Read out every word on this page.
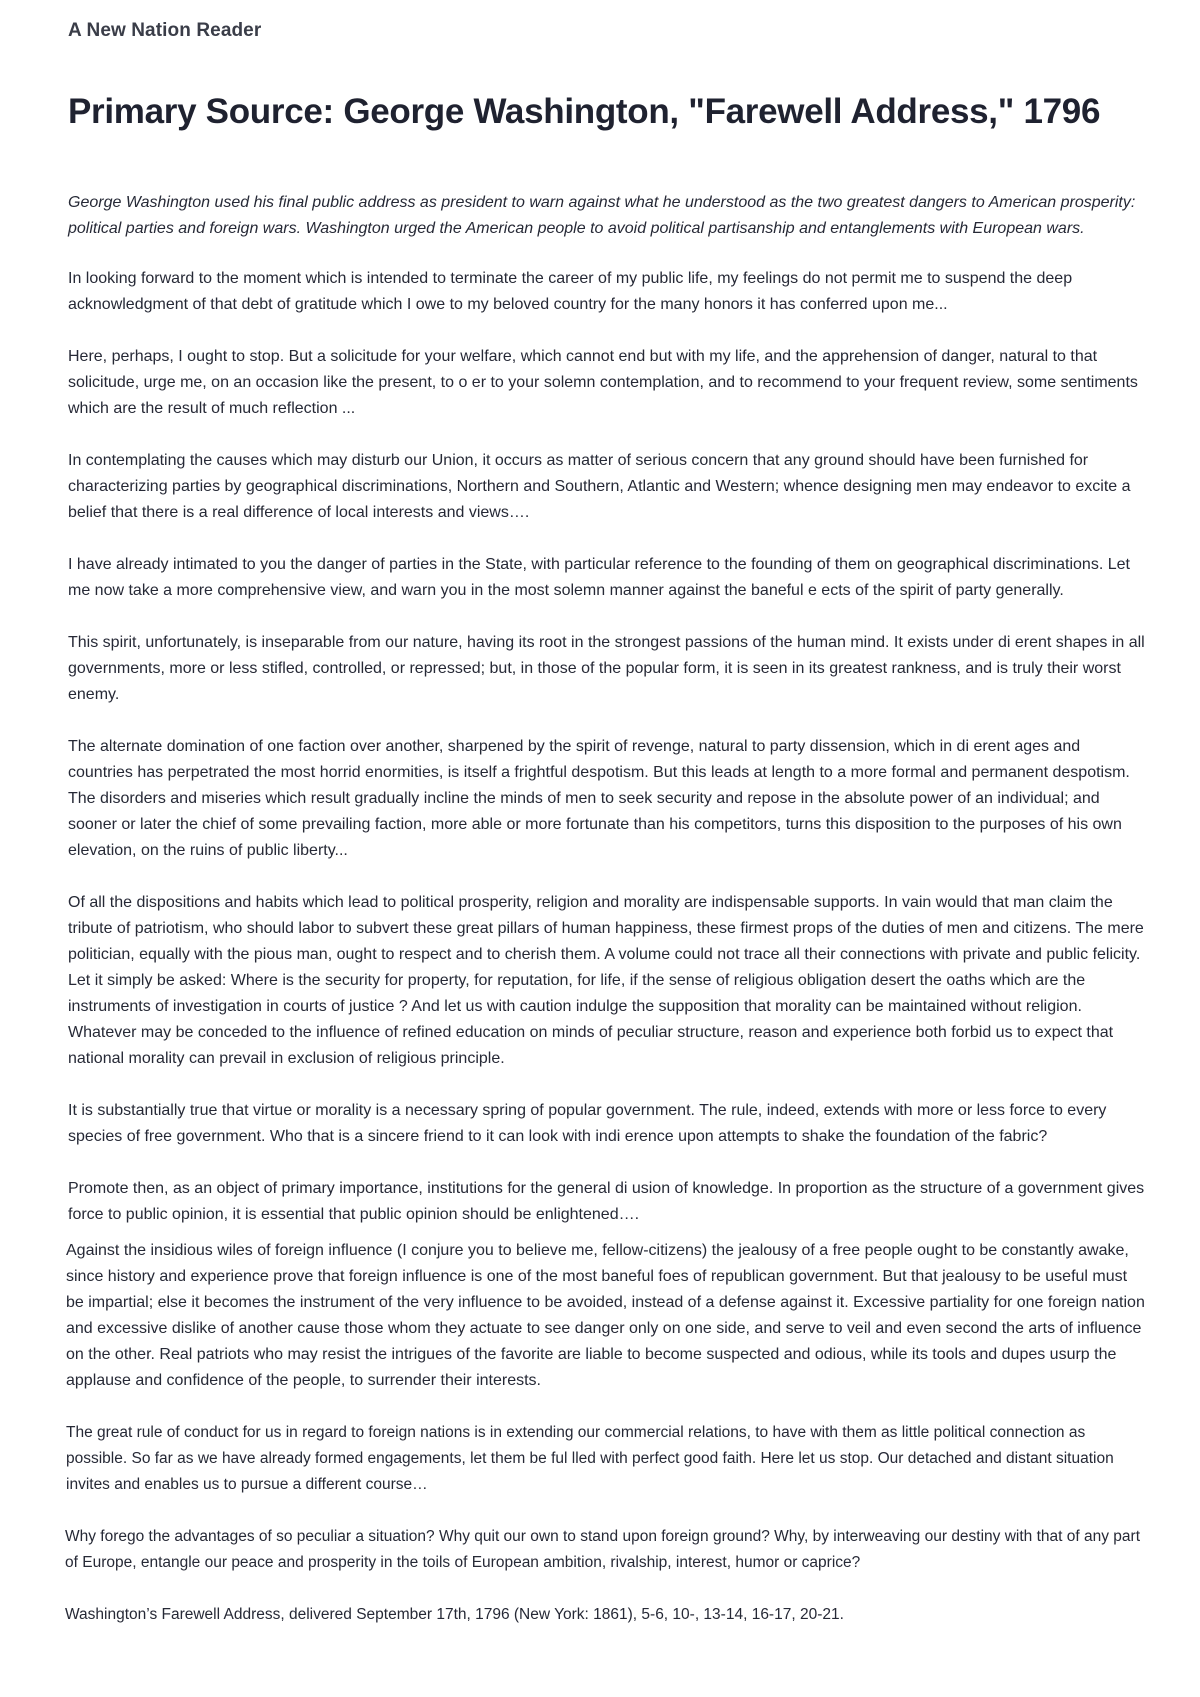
A New Nation Reader
Primary Source: George Washington, "Farewell Address," 1796

George Washington used his final public address as president to warn against what he understood as the two greatest dangers to American prosperity: political parties and foreign wars. Washington urged the American people to avoid political partisanship and entanglements with European wars.

In looking forward to the moment which is intended to terminate the career of my public life, my feelings do not permit me to suspend the deep acknowledgment of that debt of gratitude which I owe to my beloved country for the many honors it has conferred upon me...

Here, perhaps, I ought to stop. But a solicitude for your welfare, which cannot end but with my life, and the apprehension of danger, natural to that solicitude, urge me, on an occasion like the present, to o er to your solemn contemplation, and to recommend to your frequent review, some sentiments which are the result of much reflection ...

In contemplating the causes which may disturb our Union, it occurs as matter of serious concern that any ground should have been furnished for characterizing parties by geographical discriminations, Northern and Southern, Atlantic and Western; whence designing men may endeavor to excite a belief that there is a real difference of local interests and views….

I have already intimated to you the danger of parties in the State, with particular reference to the founding of them on geographical discriminations. Let me now take a more comprehensive view, and warn you in the most solemn manner against the baneful e ects of the spirit of party generally.

This spirit, unfortunately, is inseparable from our nature, having its root in the strongest passions of the human mind. It exists under di erent shapes in all governments, more or less stifled, controlled, or repressed; but, in those of the popular form, it is seen in its greatest rankness, and is truly their worst enemy.

The alternate domination of one faction over another, sharpened by the spirit of revenge, natural to party dissension, which in di erent ages and countries has perpetrated the most horrid enormities, is itself a frightful despotism. But this leads at length to a more formal and permanent despotism. The disorders and miseries which result gradually incline the minds of men to seek security and repose in the absolute power of an individual; and sooner or later the chief of some prevailing faction, more able or more fortunate than his competitors, turns this disposition to the purposes of his own elevation, on the ruins of public liberty...

Of all the dispositions and habits which lead to political prosperity, religion and morality are indispensable supports. In vain would that man claim the tribute of patriotism, who should labor to subvert these great pillars of human happiness, these firmest props of the duties of men and citizens. The mere politician, equally with the pious man, ought to respect and to cherish them. A volume could not trace all their connections with private and public felicity. Let it simply be asked: Where is the security for property, for reputation, for life, if the sense of religious obligation desert the oaths which are the instruments of investigation in courts of justice ? And let us with caution indulge the supposition that morality can be maintained without religion. Whatever may be conceded to the influence of refined education on minds of peculiar structure, reason and experience both forbid us to expect that national morality can prevail in exclusion of religious principle.

It is substantially true that virtue or morality is a necessary spring of popular government. The rule, indeed, extends with more or less force to every species of free government. Who that is a sincere friend to it can look with indi erence upon attempts to shake the foundation of the fabric?

Promote then, as an object of primary importance, institutions for the general di usion of knowledge. In proportion as the structure of a government gives force to public opinion, it is essential that public opinion should be enlightened….

Against the insidious wiles of foreign influence (I conjure you to believe me, fellow-citizens) the jealousy of a free people ought to be constantly awake, since history and experience prove that foreign influence is one of the most baneful foes of republican government. But that jealousy to be useful must be impartial; else it becomes the instrument of the very influence to be avoided, instead of a defense against it. Excessive partiality for one foreign nation and excessive dislike of another cause those whom they actuate to see danger only on one side, and serve to veil and even second the arts of influence on the other. Real patriots who may resist the intrigues of the favorite are liable to become suspected and odious, while its tools and dupes usurp the applause and confidence of the people, to surrender their interests.

The great rule of conduct for us in regard to foreign nations is in extending our commercial relations, to have with them as little political connection as possible. So far as we have already formed engagements, let them be ful lled with perfect good faith. Here let us stop. Our detached and distant situation invites and enables us to pursue a different course…

Why forego the advantages of so peculiar a situation? Why quit our own to stand upon foreign ground? Why, by interweaving our destiny with that of any part of Europe, entangle our peace and prosperity in the toils of European ambition, rivalship, interest, humor or caprice?

Washington’s Farewell Address, delivered September 17th, 1796 (New York: 1861), 5-6, 10-, 13-14, 16-17, 20-21.
